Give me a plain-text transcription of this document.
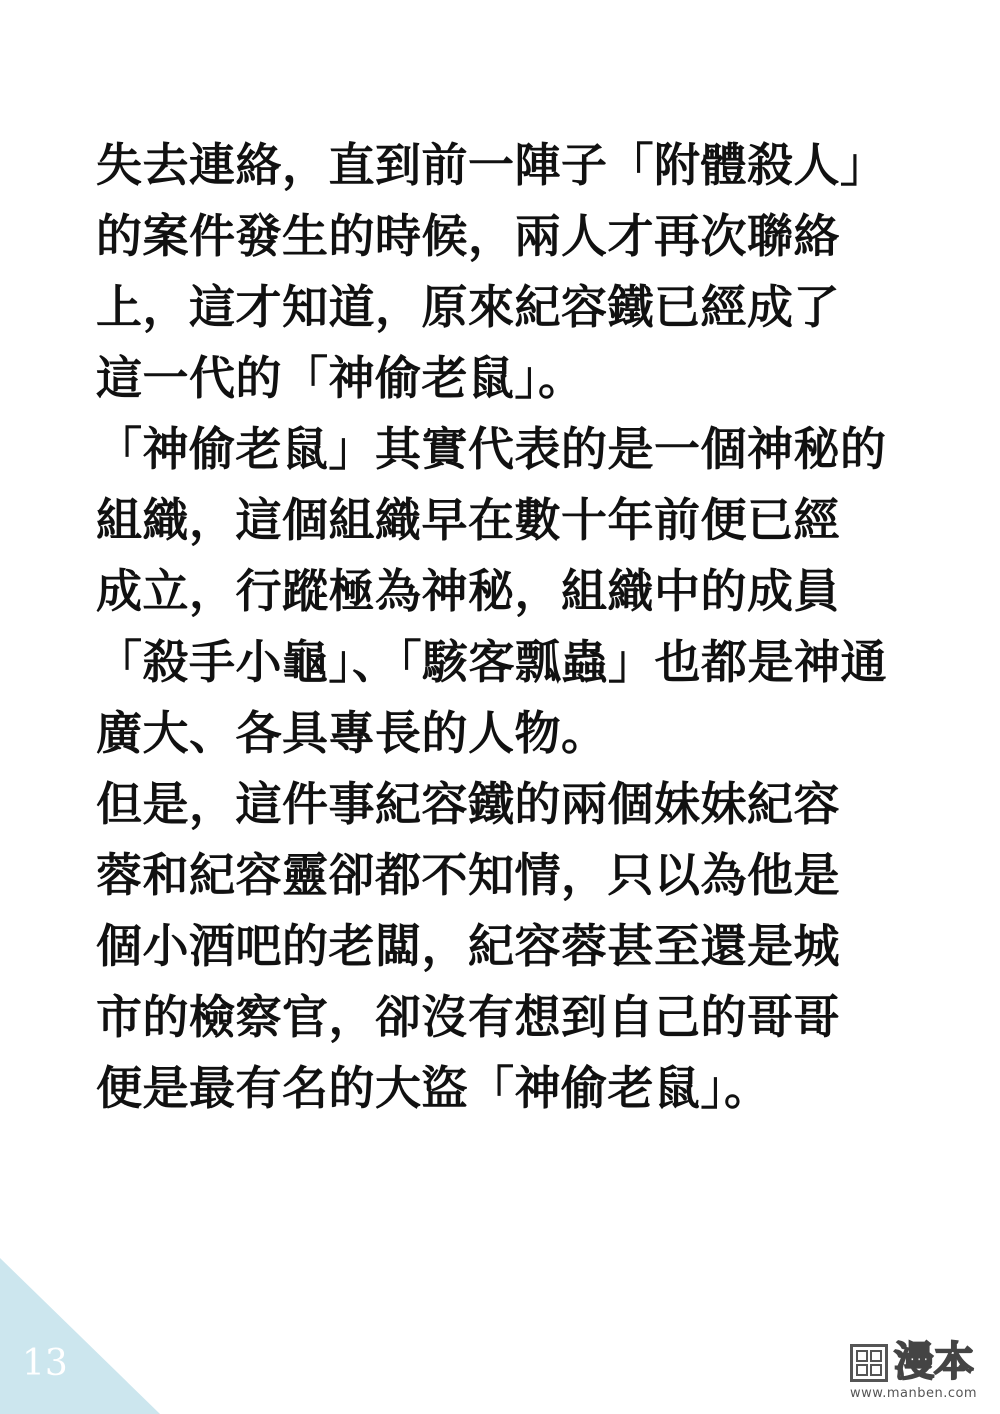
失去連絡，直到前一陣子「附體殺人」
的案件發生的時候，兩人才再次聯絡
上，這才知道，原來紀容鐵已經成了
這一代的「神偷老鼠」。
「神偷老鼠」其實代表的是一個神秘的
組織，這個組織早在數十年前便已經
成立，行蹤極為神秘，組織中的成員
「殺手小龜」、「駭客瓢蟲」也都是神通
廣大、各具專長的人物。
但是，這件事紀容鐵的兩個妹妹紀容
蓉和紀容靈卻都不知情，只以為他是
個小酒吧的老闆，紀容蓉甚至還是城
市的檢察官，卻沒有想到自己的哥哥
便是最有名的大盜「神偷老鼠」。
13	漫本
www.manben.com
